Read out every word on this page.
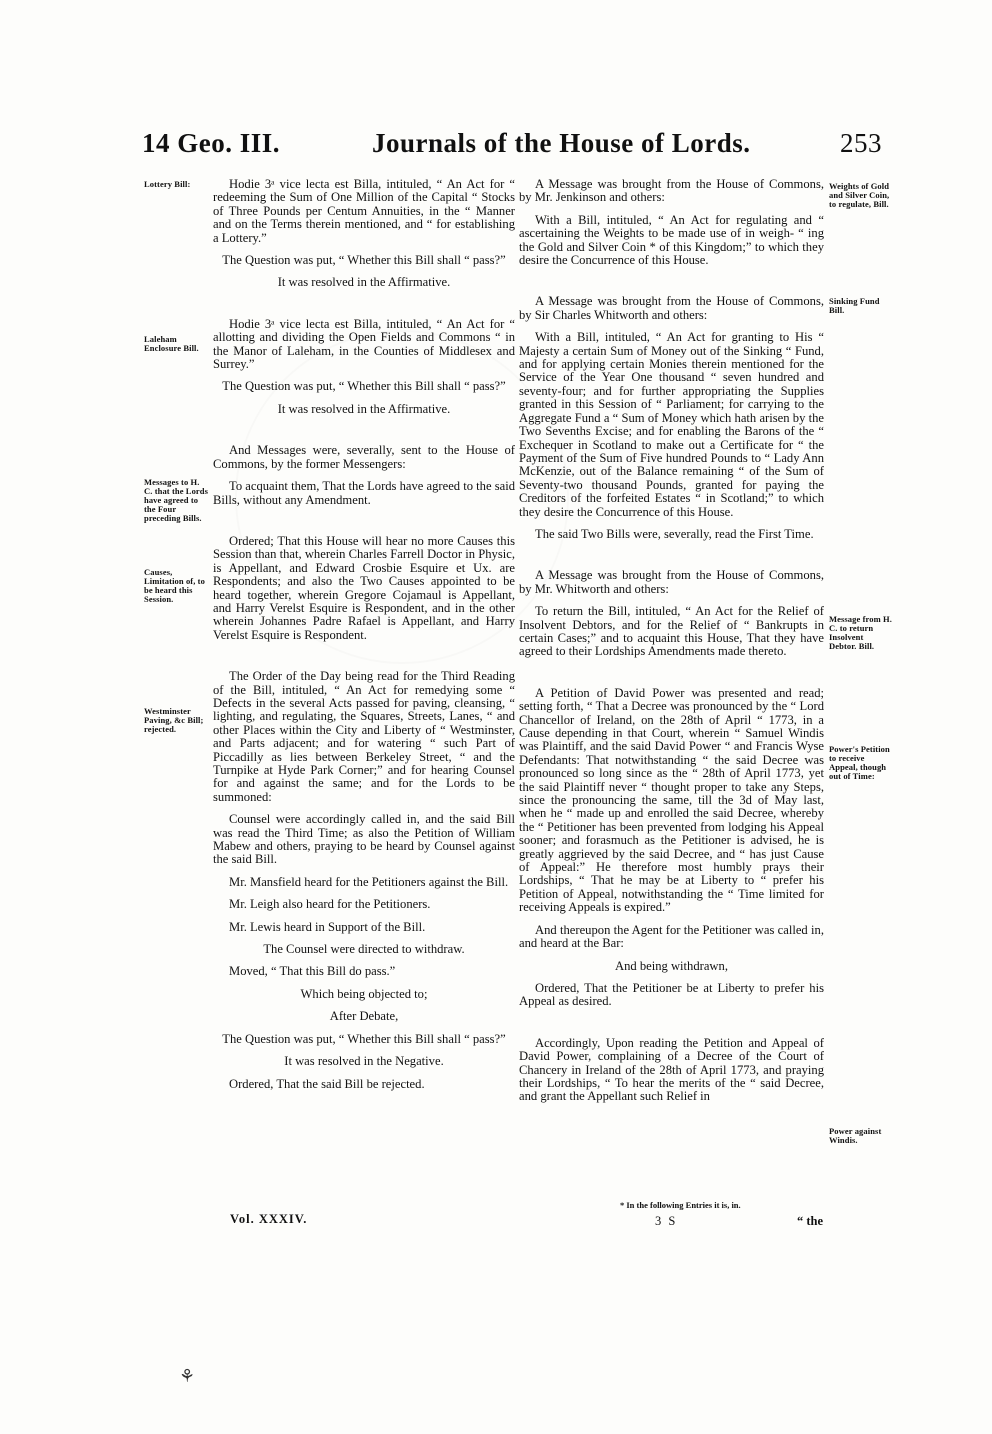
14 Geo. III.	Journals of the House of Lords.	253
Lottery Bill:
Laleham Enclosure Bill.
Messages to H. C. that the Lords have agreed to the Four preceding Bills.
Causes, Limitation of, to be heard this Session.
Westminster Paving, &c Bill; rejected.
Weights of Gold and Silver Coin, to regulate, Bill.
Sinking Fund Bill.
Message from H. C. to return Insolvent Debtor. Bill.
Power's Petition to receive Appeal, though out of Time:
Power against Windis.

Hodie 3ᵃ vice lecta est Billa, intituled, “ An Act for “ redeeming the Sum of One Million of the Capital “ Stocks of Three Pounds per Centum Annuities, in the “ Manner and on the Terms therein mentioned, and “ for establishing a Lottery.”

The Question was put, “ Whether this Bill shall “ pass?”

It was resolved in the Affirmative.

Hodie 3ᵃ vice lecta est Billa, intituled, “ An Act for “ allotting and dividing the Open Fields and Commons “ in the Manor of Laleham, in the Counties of Middlesex and Surrey.”

The Question was put, “ Whether this Bill shall “ pass?”

It was resolved in the Affirmative.

And Messages were, severally, sent to the House of Commons, by the former Messengers:

To acquaint them, That the Lords have agreed to the said Bills, without any Amendment.

Ordered; That this House will hear no more Causes this Session than that, wherein Charles Farrell Doctor in Physic, is Appellant, and Edward Crosbie Esquire et Ux. are Respondents; and also the Two Causes appointed to be heard together, wherein Gregore Cojamaul is Appellant, and Harry Verelst Esquire is Respondent, and in the other wherein Johannes Padre Rafael is Appellant, and Harry Verelst Esquire is Respondent.

The Order of the Day being read for the Third Reading of the Bill, intituled, “ An Act for remedying some “ Defects in the several Acts passed for paving, cleansing, “ lighting, and regulating, the Squares, Streets, Lanes, “ and other Places within the City and Liberty of “ Westminster, and Parts adjacent; and for watering “ such Part of Piccadilly as lies between Berkeley Street, “ and the Turnpike at Hyde Park Corner;” and for hearing Counsel for and against the same; and for the Lords to be summoned:

Counsel were accordingly called in, and the said Bill was read the Third Time; as also the Petition of William Mabew and others, praying to be heard by Counsel against the said Bill.

Mr. Mansfield heard for the Petitioners against the Bill.

Mr. Leigh also heard for the Petitioners.

Mr. Lewis heard in Support of the Bill.

The Counsel were directed to withdraw.

Moved, “ That this Bill do pass.”

Which being objected to;

After Debate,

The Question was put, “ Whether this Bill shall “ pass?”

It was resolved in the Negative.

Ordered, That the said Bill be rejected.

A Message was brought from the House of Commons, by Mr. Jenkinson and others:

With a Bill, intituled, “ An Act for regulating and “ ascertaining the Weights to be made use of in weigh- “ ing the Gold and Silver Coin * of this Kingdom;” to which they desire the Concurrence of this House.

A Message was brought from the House of Commons, by Sir Charles Whitworth and others:

With a Bill, intituled, “ An Act for granting to His “ Majesty a certain Sum of Money out of the Sinking “ Fund, and for applying certain Monies therein mentioned for the Service of the Year One thousand “ seven hundred and seventy-four; and for further appropriating the Supplies granted in this Session of “ Parliament; for carrying to the Aggregate Fund a “ Sum of Money which hath arisen by the Two Sevenths Excise; and for enabling the Barons of the “ Exchequer in Scotland to make out a Certificate for “ the Payment of the Sum of Five hundred Pounds to “ Lady Ann McKenzie, out of the Balance remaining “ of the Sum of Seventy-two thousand Pounds, granted for paying the Creditors of the forfeited Estates “ in Scotland;” to which they desire the Concurrence of this House.

The said Two Bills were, severally, read the First Time.

A Message was brought from the House of Commons, by Mr. Whitworth and others:

To return the Bill, intituled, “ An Act for the Relief of Insolvent Debtors, and for the Relief of “ Bankrupts in certain Cases;” and to acquaint this House, That they have agreed to their Lordships Amendments made thereto.

A Petition of David Power was presented and read; setting forth, “ That a Decree was pronounced by the “ Lord Chancellor of Ireland, on the 28th of April “ 1773, in a Cause depending in that Court, wherein “ Samuel Windis was Plaintiff, and the said David Power “ and Francis Wyse Defendants: That notwithstanding “ the said Decree was pronounced so long since as the “ 28th of April 1773, yet the said Plaintiff never “ thought proper to take any Steps, since the pronouncing the same, till the 3d of May last, when he “ made up and enrolled the said Decree, whereby the “ Petitioner has been prevented from lodging his Appeal sooner; and forasmuch as the Petitioner is advised, he is greatly aggrieved by the said Decree, and “ has just Cause of Appeal:” He therefore most humbly prays their Lordships, “ That he may be at Liberty to “ prefer his Petition of Appeal, notwithstanding the “ Time limited for receiving Appeals is expired.”

And thereupon the Agent for the Petitioner was called in, and heard at the Bar:

And being withdrawn,

Ordered, That the Petitioner be at Liberty to prefer his Appeal as desired.

Accordingly, Upon reading the Petition and Appeal of David Power, complaining of a Decree of the Court of Chancery in Ireland of the 28th of April 1773, and praying their Lordships, “ To hear the merits of the “ said Decree, and grant the Appellant such Relief in

Vol. XXXIV.
* In the following Entries it is, in.
3 S	“ the
⚘
